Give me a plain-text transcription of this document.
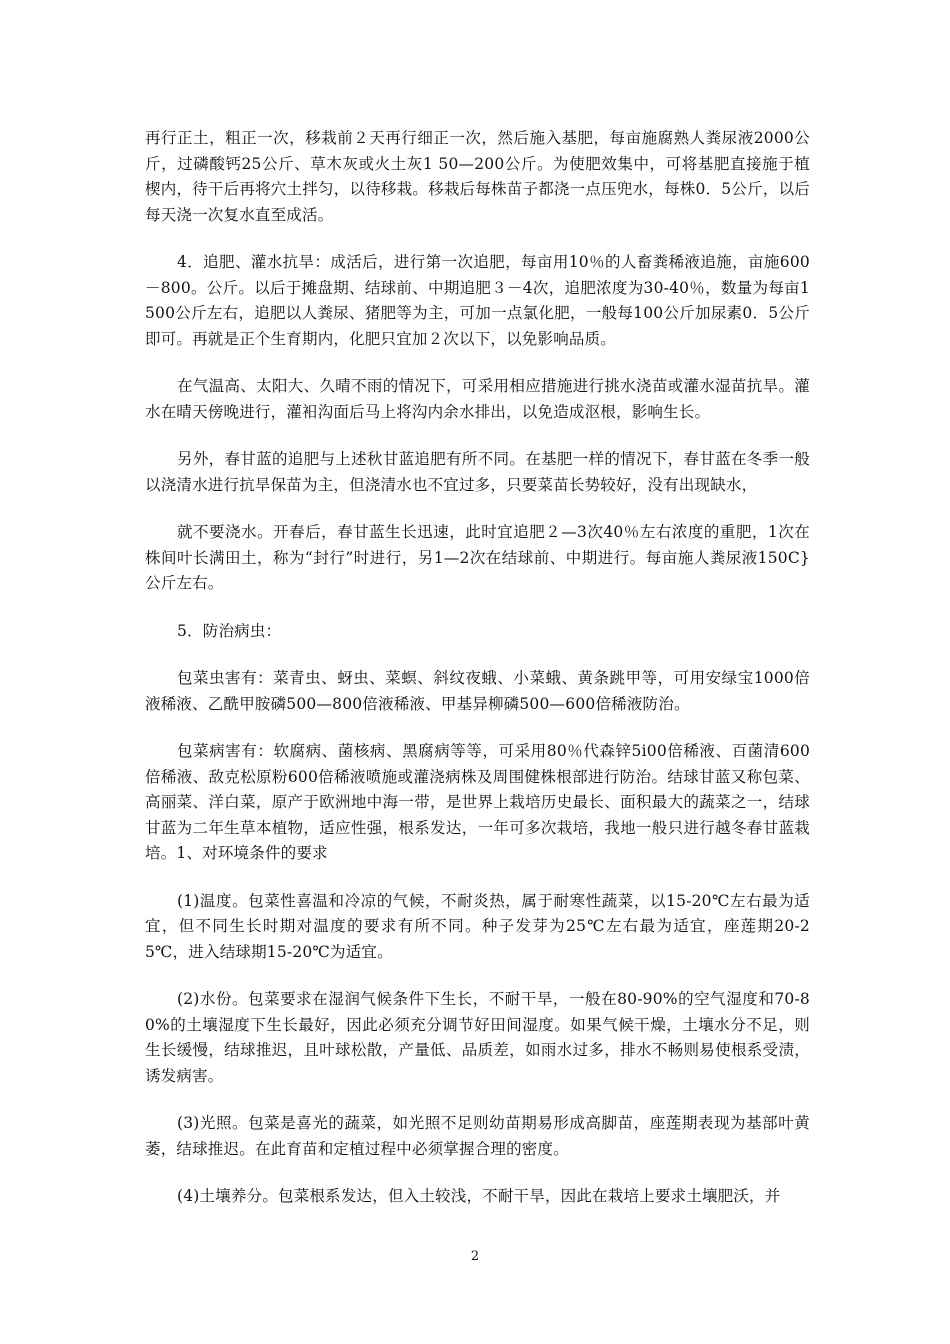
再行正土，粗正一次，移栽前２天再行细正一次，然后施入基肥，每亩施腐熟人粪尿液2000公斤，过磷酸钙25公斤、草木灰或火土灰1 50—200公斤。为使肥效集中，可将基肥直接施于植楔内，待干后再将穴土拌匀，以待移栽。移栽后每株苗子都浇一点压兜水，每株0．5公斤，以后每天浇一次复水直至成活。

4．追肥、灌水抗旱：成活后，进行第一次追肥，每亩用10％的人畜粪稀液追施，亩施600－800。公斤。以后于摊盘期、结球前、中期追肥３－4次，追肥浓度为30-40％，数量为每亩1500公斤左右，追肥以人粪尿、猪肥等为主，可加一点氯化肥，一般每100公斤加尿素0．5公斤即可。再就是正个生育期内，化肥只宜加２次以下，以免影响品质。

在气温高、太阳大、久晴不雨的情况下，可采用相应措施进行挑水浇苗或灌水湿苗抗旱。灌水在晴天傍晚进行，灌衵沟面后马上将沟内余水排出，以免造成沤根，影响生长。

另外，春甘蓝的追肥与上述秋甘蓝追肥有所不同。在基肥一样的情况下，春甘蓝在冬季一般以浇清水进行抗旱保苗为主，但浇清水也不宜过多，只要菜苗长势较好，没有出现缺水，

就不要浇水。开春后，春甘蓝生长迅速，此时宜追肥２—3次40％左右浓度的重肥，1次在株间叶长满田土，称为“封行”时进行，另1—2次在结球前、中期进行。每亩施人粪尿液150C}公斤左右。

5．防治病虫：

包菜虫害有：菜青虫、蚜虫、菜螟、斜纹夜蛾、小菜蛾、黄条跳甲等，可用安绿宝1000倍液稀液、乙酰甲胺磷500—800倍液稀液、甲基异柳磷500—600倍稀液防治。

包菜病害有：软腐病、菌核病、黑腐病等等，可采用80％代森锌5i00倍稀液、百菌清600倍稀液、敌克松原粉600倍稀液喷施或灌浇病株及周围健株根部进行防治。结球甘蓝又称包菜、高丽菜、洋白菜，原产于欧洲地中海一带，是世界上栽培历史最长、面积最大的蔬菜之一，结球甘蓝为二年生草本植物，适应性强，根系发达，一年可多次栽培，我地一般只进行越冬春甘蓝栽培。1、对环境条件的要求

(1)温度。包菜性喜温和冷凉的气候，不耐炎热，属于耐寒性蔬菜，以15-20℃左右最为适宜，但不同生长时期对温度的要求有所不同。种子发芽为25℃左右最为适宜，座莲期20-25℃，进入结球期15-20℃为适宜。

(2)水份。包菜要求在湿润气候条件下生长，不耐干旱，一般在80-90%的空气湿度和70-80%的土壤湿度下生长最好，因此必须充分调节好田间湿度。如果气候干燥，土壤水分不足，则生长缓慢，结球推迟，且叶球松散，产量低、品质差，如雨水过多，排水不畅则易使根系受渍，诱发病害。

(3)光照。包菜是喜光的蔬菜，如光照不足则幼苗期易形成高脚苗，座莲期表现为基部叶黄萎，结球推迟。在此育苗和定植过程中必须掌握合理的密度。

(4)土壤养分。包菜根系发达，但入土较浅，不耐干旱，因此在栽培上要求土壤肥沃，并

2
